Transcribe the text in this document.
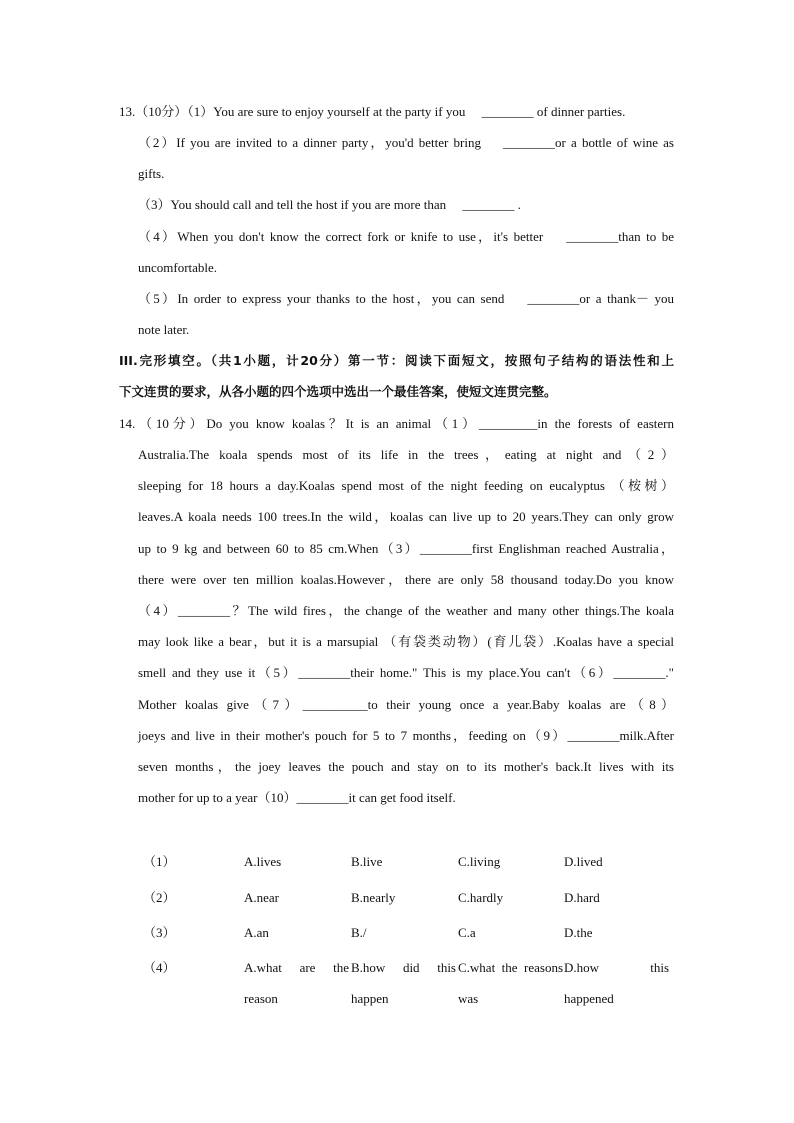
13.（10分）（1）You are sure to enjoy yourself at the party if you　 ________ of dinner parties.
（2）If you are invited to a dinner party，you'd better bring　 ________or a bottle of wine as
gifts.
（3）You should call and tell the host if you are more than　 ________ .
（4）When you don't know the correct fork or knife to use，it's better　 ________than to be
uncomfortable.
（5）In order to express your thanks to the host，you can send　 ________or a thank－ you
note later.
III.完形填空。（共1小题，计20分）第一节：阅读下面短文，按照句子结构的语法性和上
下文连贯的要求，从各小题的四个选项中选出一个最佳答案，使短文连贯完整。
14.（10分）Do you know koalas？It is an animal（1）_________in the forests of eastern
Australia.The koala spends most of its life in the trees，eating at night and（2）
sleeping for 18 hours a day.Koalas spend most of the night feeding on eucalyptus （桉树）
leaves.A koala needs 100 trees.In the wild，koalas can live up to 20 years.They can only grow
up to 9 kg and between 60 to 85 cm.When（3）________first Englishman reached Australia，
there were over ten million koalas.However，there are only 58 thousand today.Do you know
（4）________？The wild fires，the change of the weather and many other things.The koala
may look like a bear，but it is a marsupial （有袋类动物）(育儿袋）.Koalas have a special
smell and they use it（5）________their home." This is my place.You can't（6）________."
Mother koalas give（7）__________to their young once a year.Baby koalas are（8）
joeys and live in their mother's pouch for 5 to 7 months，feeding on（9）________milk.After
seven months，the joey leaves the pouch and stay on to its mother's back.It lives with its
mother for up to a year（10）________it can get food itself.
（1）	A.lives	B.live	C.living	D.lived
（2）	A.near	B.nearly	C.hardly	D.hard
（3）	A.an	B./	C.a	D.the
（4）	A.what are the reason
B.how did this happen
C.what the reasons was
D.how this happened
